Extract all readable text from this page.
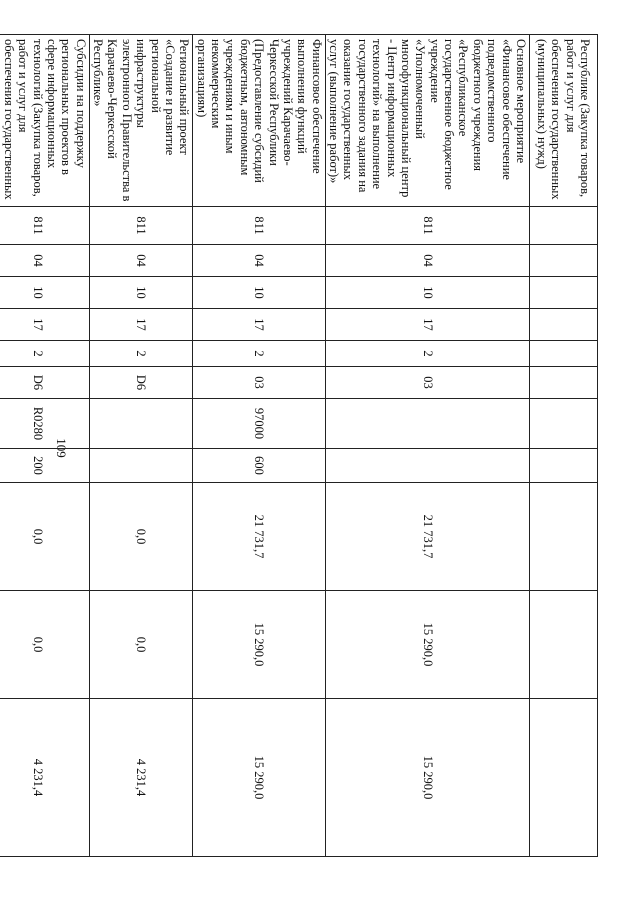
109
Республике (Закупка товаров, работ и услуг для обеспечения государственных (муниципальных) нужд)											
Основное мероприятие «Финансовое обеспечение подведомственного бюджетного учреждения «Республиканское государственное бюджетное учреждение «Уполномоченный многофункциональный центр - Центр информационных технологий» на выполнение государственного задания на оказание государственных услуг (выполнение работ)»	811	04	10	17	2	03			21 731,7	15 290,0	15 290,0
Финансовое обеспечение выполнения функций учреждений Карачаево-Черкесской Республики (Предоставление субсидий бюджетным, автономным учреждениям и иным некоммерческим организациям)	811	04	10	17	2	03	97000	600	21 731,7	15 290,0	15 290,0
Региональный проект «Создание и развитие региональной инфраструктуры электронного Правительства в Карачаево-Черкесской Республике»	811	04	10	17	2	D6			0,0	0,0	4 231,4
Субсидии на поддержку региональных проектов в сфере информационных технологий (Закупка товаров, работ и услуг для обеспечения государственных	811	04	10	17	2	D6	R0280	200	0,0	0,0	4 231,4
